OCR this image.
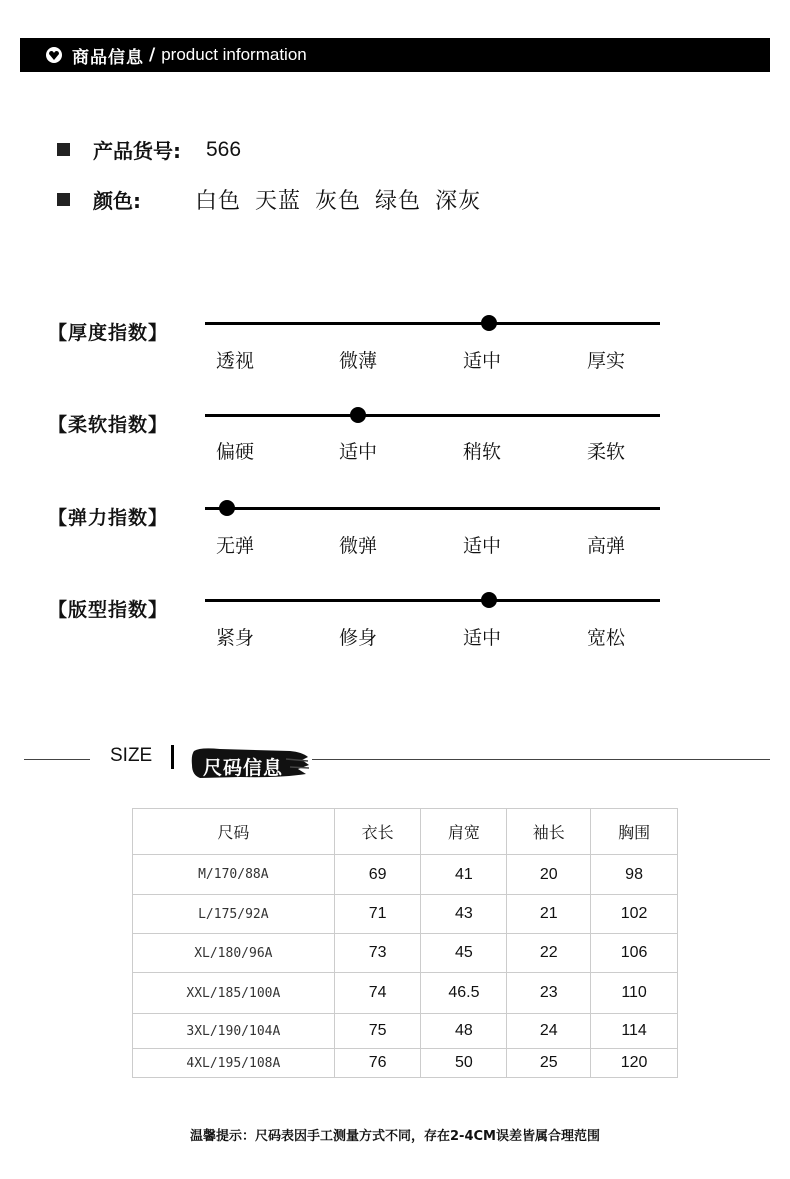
商品信息 / product information
产品货号: 566
颜色: 白色 天蓝 灰色 绿色 深灰
【厚度指数】
透视	微薄	适中	厚实
【柔软指数】
偏硬	适中	稍软	柔软
【弹力指数】
无弹	微弹	适中	高弹
【版型指数】
紧身	修身	适中	宽松
SIZE
尺码信息
尺码	衣长	肩宽	袖长	胸围
M/170/88A	69	41	20	98
L/175/92A	71	43	21	102
XL/180/96A	73	45	22	106
XXL/185/100A	74	46.5	23	110
3XL/190/104A	75	48	24	114
4XL/195/108A	76	50	25	120
温馨提示：尺码表因手工测量方式不同，存在2-4CM误差皆属合理范围
